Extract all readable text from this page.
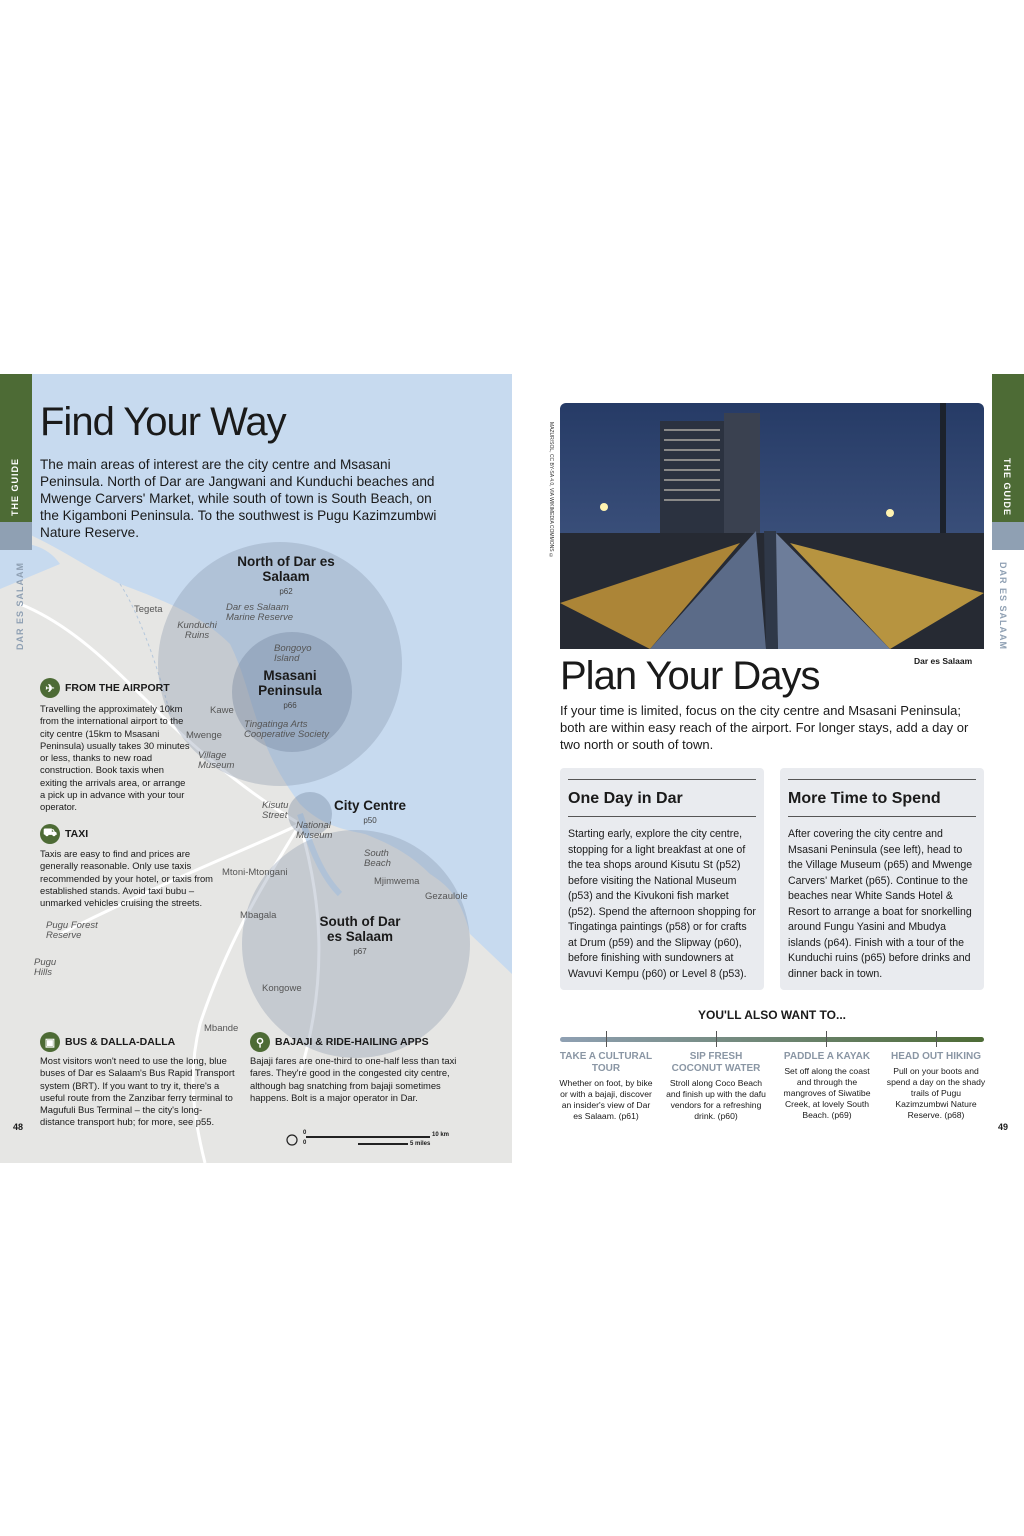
THE GUIDE
DAR ES SALAAM
Find Your Way
The main areas of interest are the city centre and Msasani Peninsula. North of Dar are Jangwani and Kunduchi beaches and Mwenge Carvers' Market, while south of town is South Beach, on the Kigamboni Peninsula. To the southwest is Pugu Kazimzumbwi Nature Reserve.
North of Dar es Salaam
p62
Msasani Peninsula
p66
City Centre
p50
South of Dar es Salaam
p67
Tegeta
Kunduchi Ruins
Dar es Salaam Marine Reserve
Bongoyo Island
Kawe
Mwenge
Tingatinga Arts Cooperative Society
Village Museum
Kisutu Street
National Museum
South Beach
Mjimwema
Gezaulole
Mtoni-Mtongani
Mbagala
Pugu Forest Reserve
Pugu Hills
Kongowe
Mbande
✈ FROM THE AIRPORT
Travelling the approximately 10km from the international airport to the city centre (15km to Msasani Peninsula) usually takes 30 minutes or less, thanks to new road construction. Book taxis when exiting the arrivals area, or arrange a pick up in advance with your tour operator.
⛟ TAXI
Taxis are easy to find and prices are generally reasonable. Only use taxis recommended by your hotel, or taxis from established stands. Avoid taxi bubu – unmarked vehicles cruising the streets.
▣ BUS & DALLA-DALLA
Most visitors won't need to use the long, blue buses of Dar es Salaam's Bus Rapid Transport system (BRT). If you want to try it, there's a useful route from the Zanzibar ferry terminal to Magufuli Bus Terminal – the city's long-distance transport hub; for more, see p55.
⚲	BAJAJI & RIDE-HAILING APPS
Bajaji fares are one-third to one-half less than taxi fares. They're good in the congested city centre, although bag snatching from bajaji sometimes happens. Bolt is a major operator in Dar.
0
0
10 km
5 miles
48
THE GUIDE
DAR ES SALAAM
MAZUR/SOL, CC BY-SA 4.0, VIA WIKIMEDIA COMMONS ©
Dar es Salaam
Plan Your Days
If your time is limited, focus on the city centre and Msasani Peninsula; both are within easy reach of the airport. For longer stays, add a day or two north or south of town.
One Day in Dar

Starting early, explore the city centre, stopping for a light breakfast at one of the tea shops around Kisutu St (p52) before visiting the National Museum (p53) and the Kivukoni fish market (p52). Spend the afternoon shopping for Tingatinga paintings (p58) or for crafts at Drum (p59) and the Slipway (p60), before finishing with sundowners at Wavuvi Kempu (p60) or Level 8 (p53).

More Time to Spend

After covering the city centre and Msasani Peninsula (see left), head to the Village Museum (p65) and Mwenge Carvers' Market (p65). Continue to the beaches near White Sands Hotel & Resort to arrange a boat for snorkelling around Fungu Yasini and Mbudya islands (p64). Finish with a tour of the Kunduchi ruins (p65) before drinks and dinner back in town.

YOU'LL ALSO WANT TO...
TAKE A CULTURAL TOUR
Whether on foot, by bike or with a bajaji, discover an insider's view of Dar es Salaam. (p61)
SIP FRESH COCONUT WATER
Stroll along Coco Beach and finish up with the dafu vendors for a refreshing drink. (p60)
PADDLE A KAYAK
Set off along the coast and through the mangroves of Siwatibe Creek, at lovely South Beach. (p69)
HEAD OUT HIKING
Pull on your boots and spend a day on the shady trails of Pugu Kazimzumbwi Nature Reserve. (p68)
49
